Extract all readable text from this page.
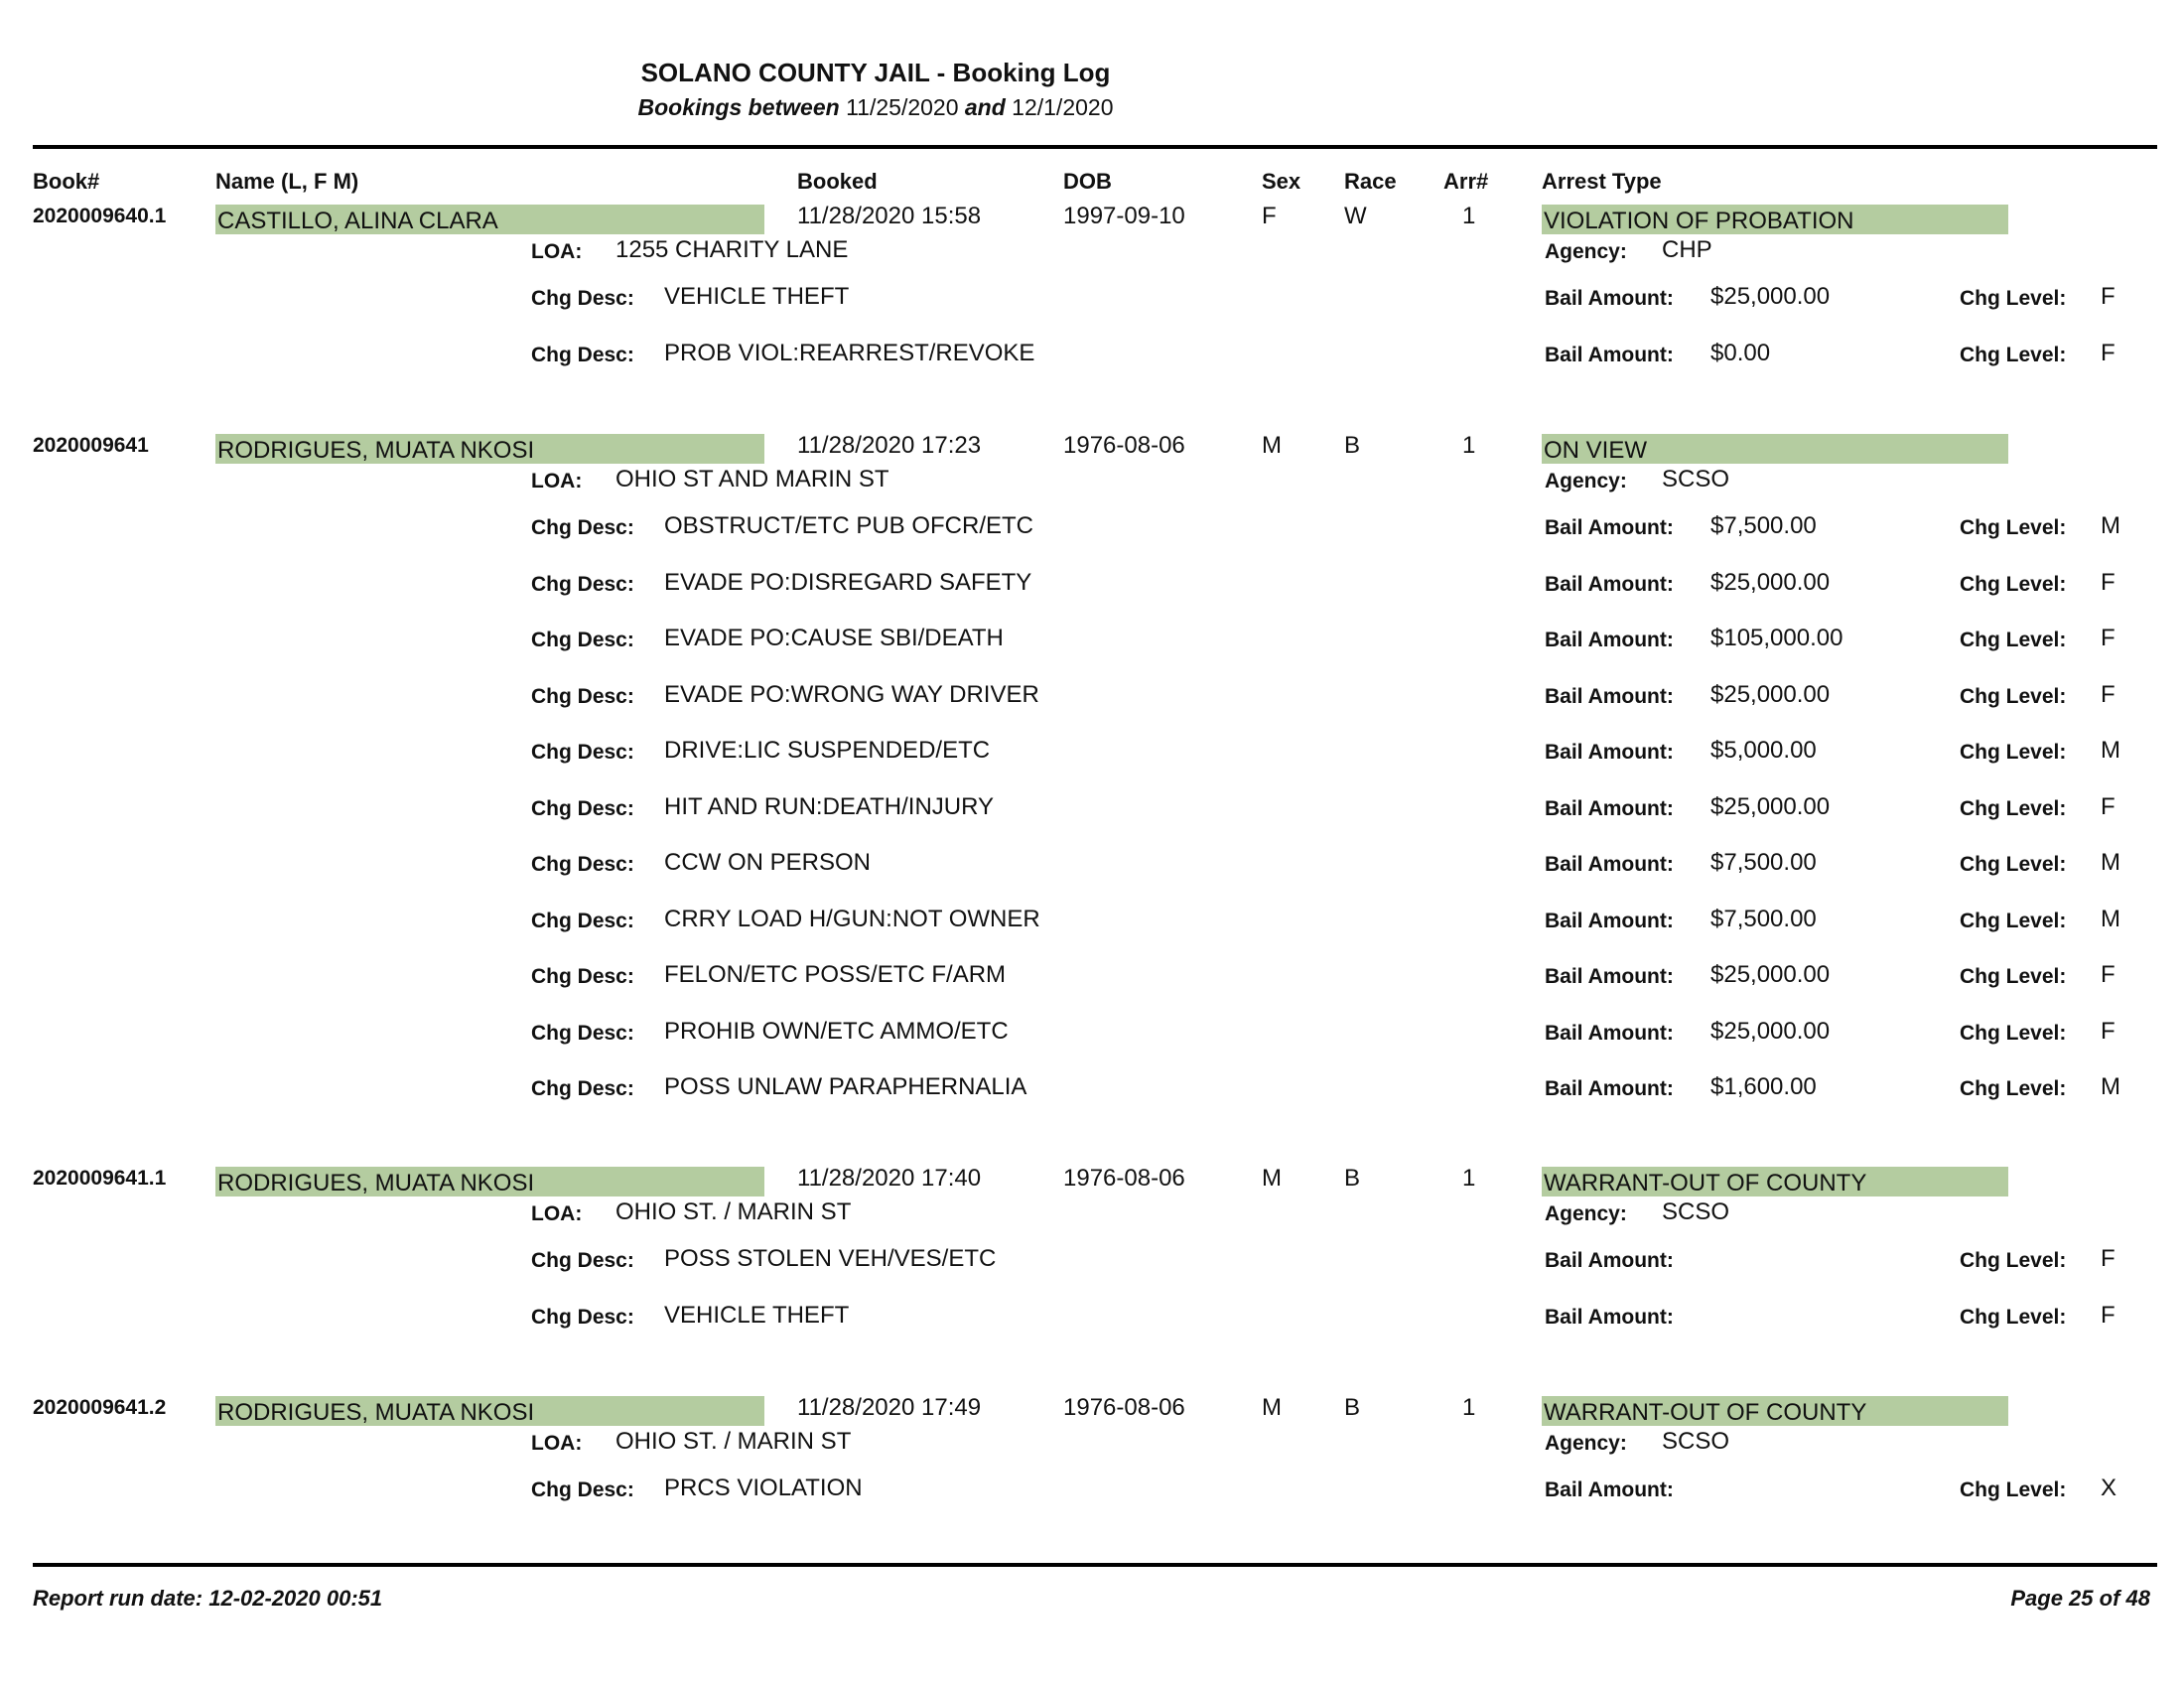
SOLANO COUNTY JAIL - Booking Log
Bookings between 11/25/2020 and 12/1/2020
Book#	Name (L, F M)	Booked	DOB	Sex Race Arr# Arrest Type
2020009640.1 CASTILLO, ALINA CLARA	11/28/2020 15:58	1997-09-10	F	W	1	VIOLATION OF PROBATION
LOA: 1255 CHARITY LANE	Agency: CHP
Chg Desc: VEHICLE THEFT	Bail Amount: $25,000.00	Chg Level: F
Chg Desc: PROB VIOL:REARREST/REVOKE	Bail Amount: $0.00	Chg Level: F
2020009641	RODRIGUES, MUATA NKOSI	11/28/2020 17:23	1976-08-06	M	B	1	ON VIEW
LOA: OHIO ST AND MARIN ST	Agency: SCSO
Chg Desc: OBSTRUCT/ETC PUB OFCR/ETC	Bail Amount: $7,500.00	Chg Level: M
Chg Desc: EVADE PO:DISREGARD SAFETY	Bail Amount: $25,000.00	Chg Level: F
Chg Desc: EVADE PO:CAUSE SBI/DEATH	Bail Amount: $105,000.00	Chg Level: F
Chg Desc: EVADE PO:WRONG WAY DRIVER	Bail Amount: $25,000.00	Chg Level: F
Chg Desc: DRIVE:LIC SUSPENDED/ETC	Bail Amount: $5,000.00	Chg Level: M
Chg Desc: HIT AND RUN:DEATH/INJURY	Bail Amount: $25,000.00	Chg Level: F
Chg Desc: CCW ON PERSON	Bail Amount: $7,500.00	Chg Level: M
Chg Desc: CRRY LOAD H/GUN:NOT OWNER	Bail Amount: $7,500.00	Chg Level: M
Chg Desc: FELON/ETC POSS/ETC F/ARM	Bail Amount: $25,000.00	Chg Level: F
Chg Desc: PROHIB OWN/ETC AMMO/ETC	Bail Amount: $25,000.00	Chg Level: F
Chg Desc: POSS UNLAW PARAPHERNALIA	Bail Amount: $1,600.00	Chg Level: M
2020009641.1 RODRIGUES, MUATA NKOSI	11/28/2020 17:40	1976-08-06	M	B	1	WARRANT-OUT OF COUNTY
LOA: OHIO ST. / MARIN ST	Agency: SCSO
Chg Desc: POSS STOLEN VEH/VES/ETC	Bail Amount:	Chg Level: F
Chg Desc: VEHICLE THEFT	Bail Amount:	Chg Level: F
2020009641.2 RODRIGUES, MUATA NKOSI	11/28/2020 17:49	1976-08-06	M	B	1	WARRANT-OUT OF COUNTY
LOA: OHIO ST. / MARIN ST	Agency: SCSO
Chg Desc: PRCS VIOLATION	Bail Amount:	Chg Level: X
Report run date: 12-02-2020 00:51	Page 25 of 48
